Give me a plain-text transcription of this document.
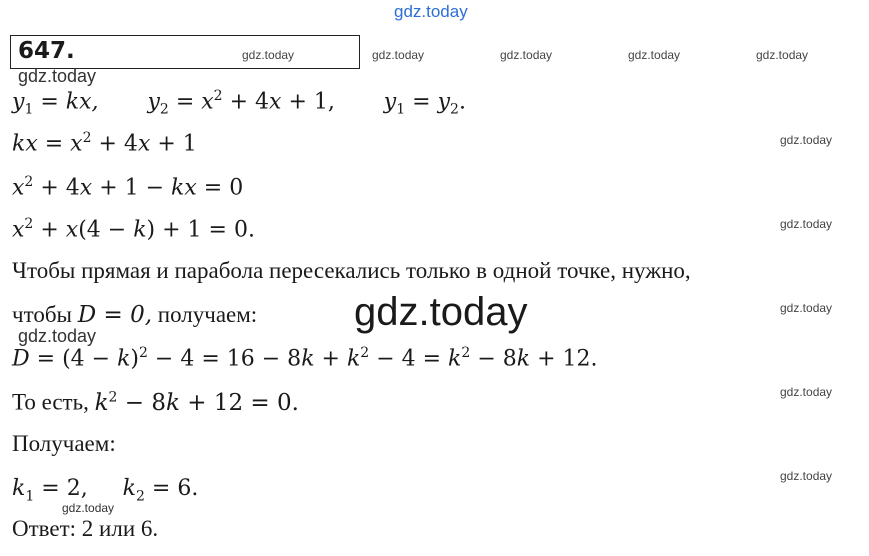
gdz.today
647.	gdz.today	gdz.today	gdz.today	gdz.today	gdz.today
gdz.today
$y_1$ = kx,       $y_2 = x^2 + 4x + 1$,       $y_1 = y_2$.
kx = $x^2 + 4x + 1$	gdz.today
$x^2 + 4x + 1$ − kx = 0
$x^2 + x(4 - k) + 1 = 0$.	gdz.today
Чтобы прямая и парабола пересекались только в одной точке, нужно,
чтобы D = 0, получаем: gdz.today	gdz.today
gdz.today
$D = (4 - k)^2 - 4 = 16 - 8k + k^2 - 4 = k^2 - 8k + 12$.
То есть, $k^2 - 8k + 12 = 0$.	gdz.today
Получаем:
$k_1 = 2$,     $k_2 = 6$.	gdz.today
gdz.today
Ответ: 2 или 6.
